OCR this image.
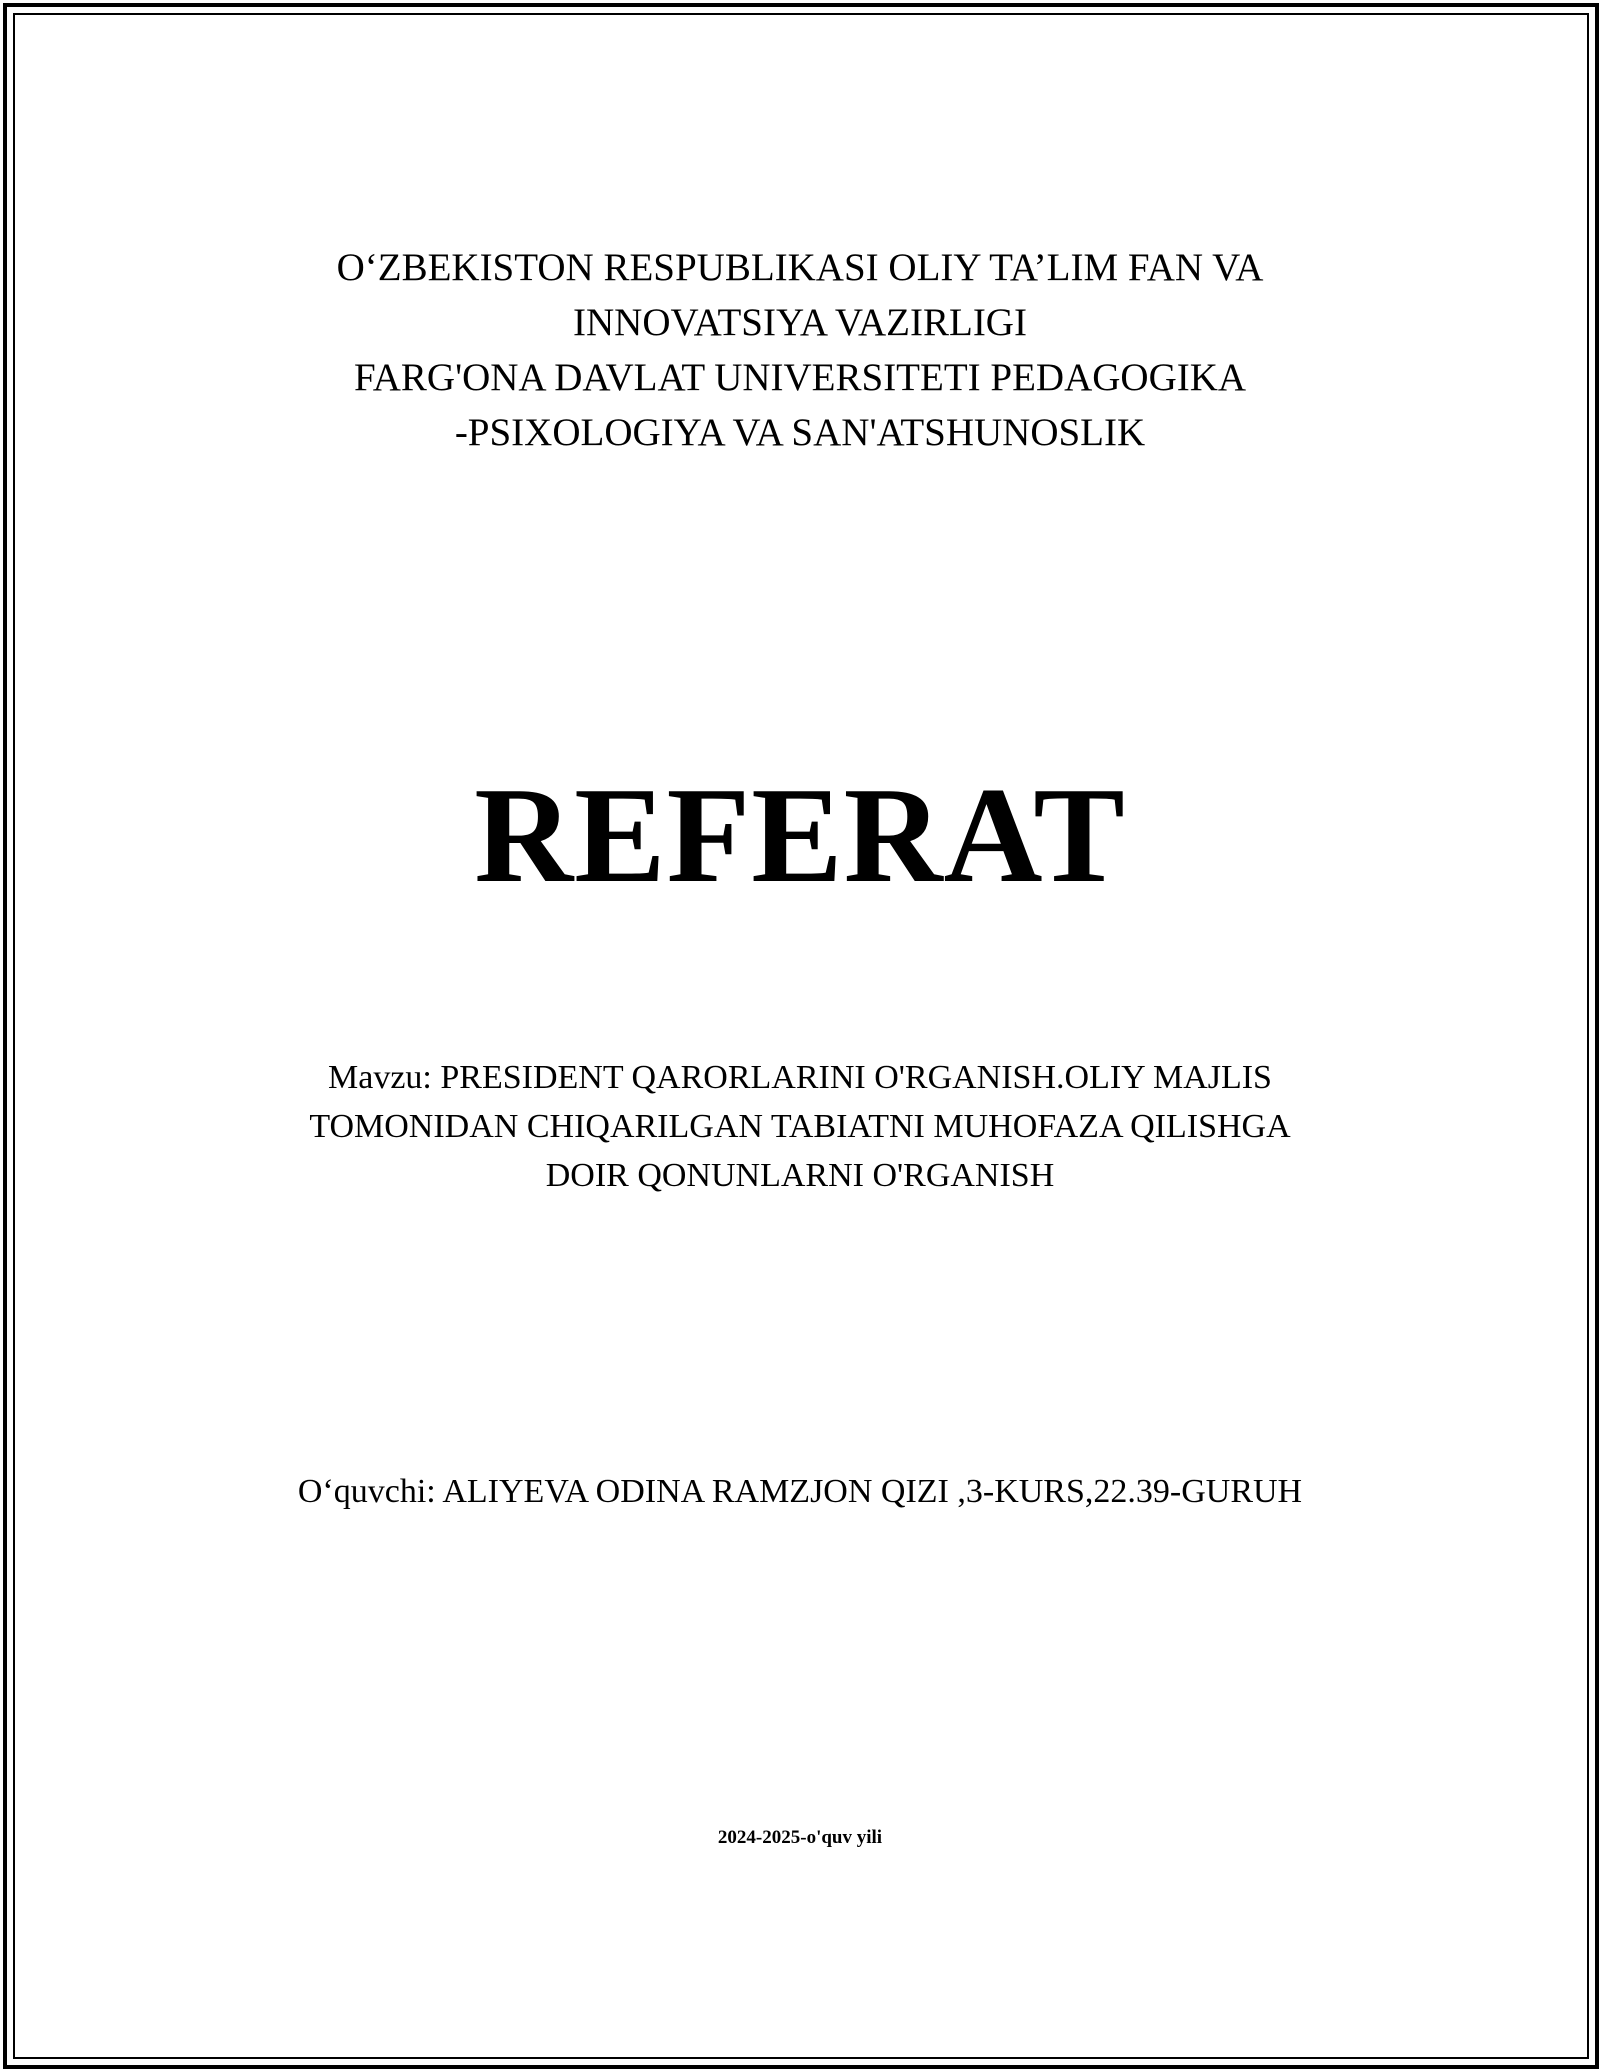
O‘ZBEKISTON RESPUBLIKASI OLIY TA’LIM FAN VA
INNOVATSIYA VAZIRLIGI
FARG'ONA DAVLAT UNIVERSITETI PEDAGOGIKA
-PSIXOLOGIYA VA SAN'ATSHUNOSLIK
REFERAT
Mavzu: PRESIDENT QARORLARINI O'RGANISH.OLIY MAJLIS
TOMONIDAN CHIQARILGAN TABIATNI MUHOFAZA QILISHGA
DOIR QONUNLARNI O'RGANISH
O‘quvchi: ALIYEVA ODINA RAMZJON QIZI ,3-KURS,22.39-GURUH
2024-2025-o'quv yili
